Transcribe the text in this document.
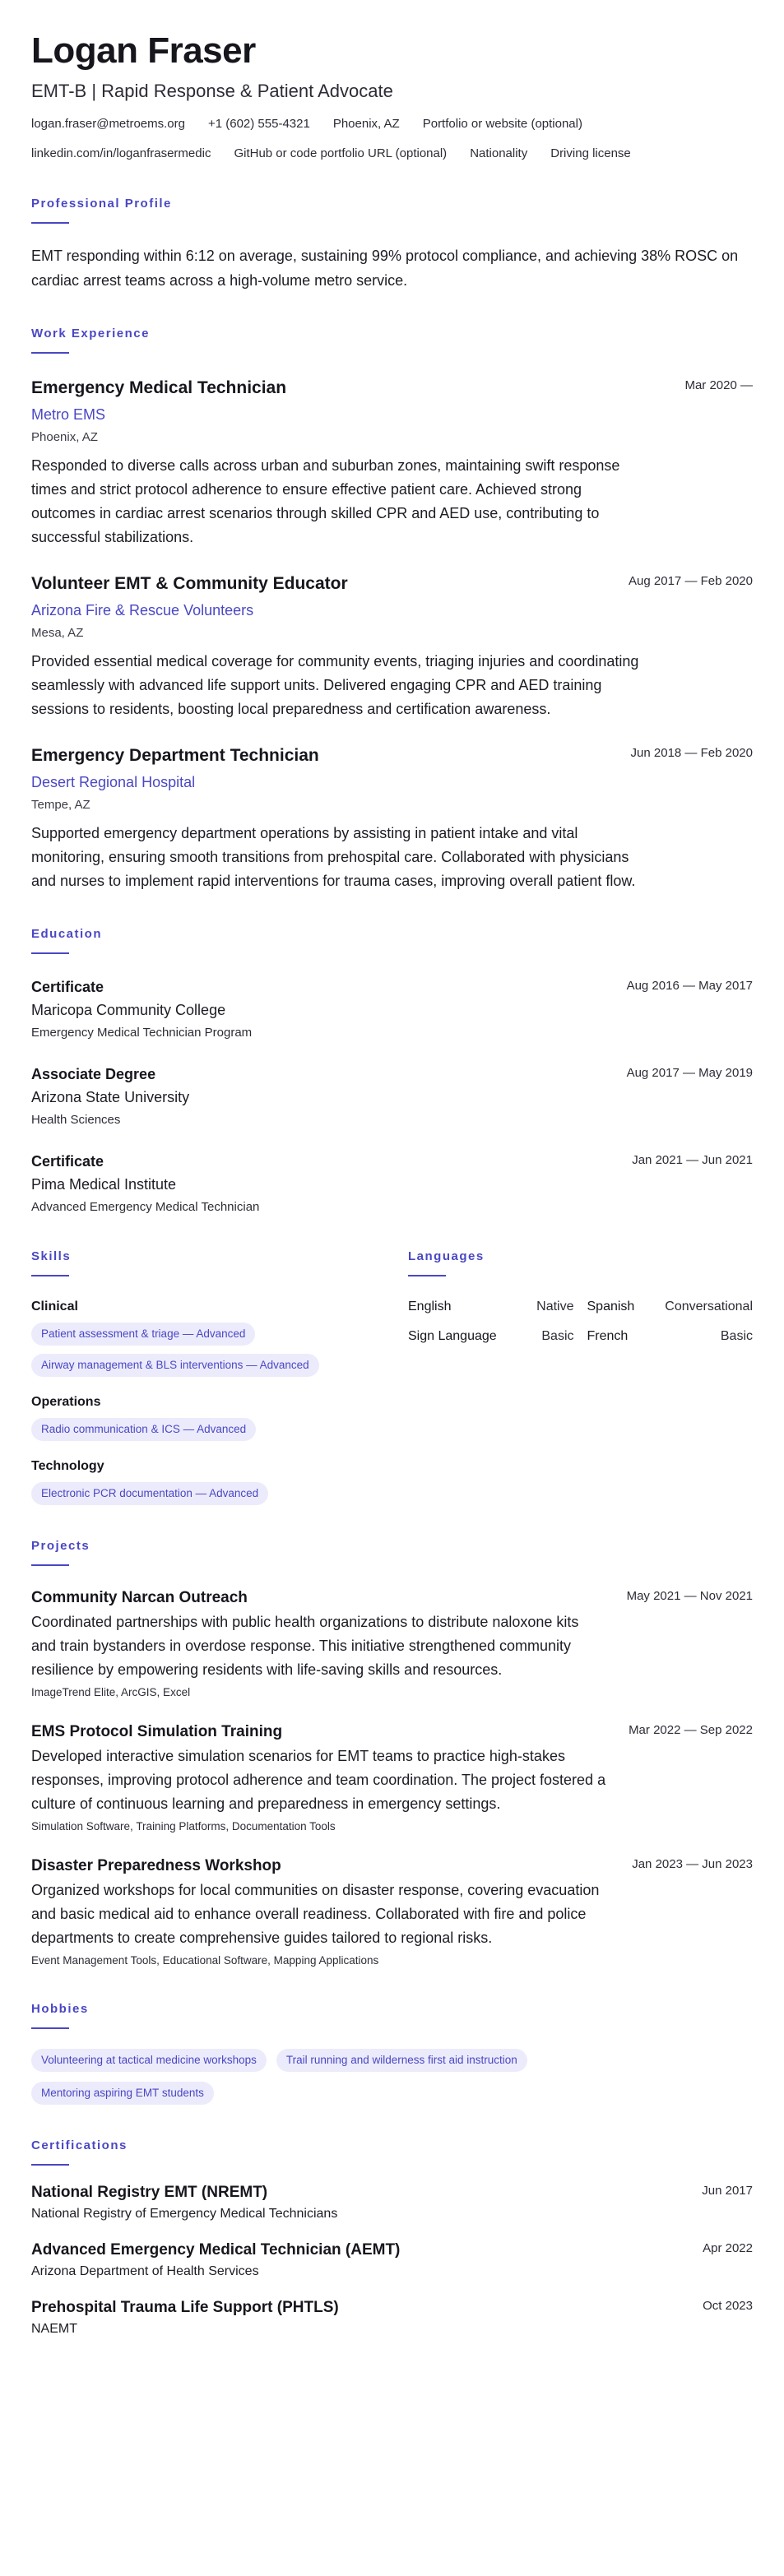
Logan Fraser
EMT-B | Rapid Response & Patient Advocate
logan.fraser@metroems.org +1 (602) 555-4321 Phoenix, AZ Portfolio or website (optional)
linkedin.com/in/loganfrasermedic GitHub or code portfolio URL (optional) Nationality Driving license
Professional Profile

EMT responding within 6:12 on average, sustaining 99% protocol compliance, and achieving 38% ROSC on cardiac arrest teams across a high-volume metro service.

Work Experience
Emergency Medical Technician	Mar 2020 —
Metro EMS
Phoenix, AZ

Responded to diverse calls across urban and suburban zones, maintaining swift response times and strict protocol adherence to ensure effective patient care. Achieved strong outcomes in cardiac arrest scenarios through skilled CPR and AED use, contributing to successful stabilizations.

Volunteer EMT & Community Educator	Aug 2017 — Feb 2020
Arizona Fire & Rescue Volunteers
Mesa, AZ

Provided essential medical coverage for community events, triaging injuries and coordinating seamlessly with advanced life support units. Delivered engaging CPR and AED training sessions to residents, boosting local preparedness and certification awareness.

Emergency Department Technician	Jun 2018 — Feb 2020
Desert Regional Hospital
Tempe, AZ

Supported emergency department operations by assisting in patient intake and vital monitoring, ensuring smooth transitions from prehospital care. Collaborated with physicians and nurses to implement rapid interventions for trauma cases, improving overall patient flow.

Education
Certificate	Aug 2016 — May 2017
Maricopa Community College
Emergency Medical Technician Program
Associate Degree	Aug 2017 — May 2019
Arizona State University
Health Sciences
Certificate	Jan 2021 — Jun 2021
Pima Medical Institute
Advanced Emergency Medical Technician
Skills
Clinical
Patient assessment & triage — Advanced
Airway management & BLS interventions — Advanced
Operations
Radio communication & ICS — Advanced
Technology
Electronic PCR documentation — Advanced
Languages
English	Native Spanish Conversational
Sign Language	Basic French	Basic
Projects
Community Narcan Outreach	May 2021 — Nov 2021

Coordinated partnerships with public health organizations to distribute naloxone kits and train bystanders in overdose response. This initiative strengthened community resilience by empowering residents with life-saving skills and resources.

ImageTrend Elite, ArcGIS, Excel
EMS Protocol Simulation Training	Mar 2022 — Sep 2022

Developed interactive simulation scenarios for EMT teams to practice high-stakes responses, improving protocol adherence and team coordination. The project fostered a culture of continuous learning and preparedness in emergency settings.

Simulation Software, Training Platforms, Documentation Tools
Disaster Preparedness Workshop	Jan 2023 — Jun 2023

Organized workshops for local communities on disaster response, covering evacuation and basic medical aid to enhance overall readiness. Collaborated with fire and police departments to create comprehensive guides tailored to regional risks.

Event Management Tools, Educational Software, Mapping Applications
Hobbies
Volunteering at tactical medicine workshops	Trail running and wilderness first aid instruction
Mentoring aspiring EMT students
Certifications
National Registry EMT (NREMT)	Jun 2017
National Registry of Emergency Medical Technicians
Advanced Emergency Medical Technician (AEMT)	Apr 2022
Arizona Department of Health Services
Prehospital Trauma Life Support (PHTLS)	Oct 2023
NAEMT
